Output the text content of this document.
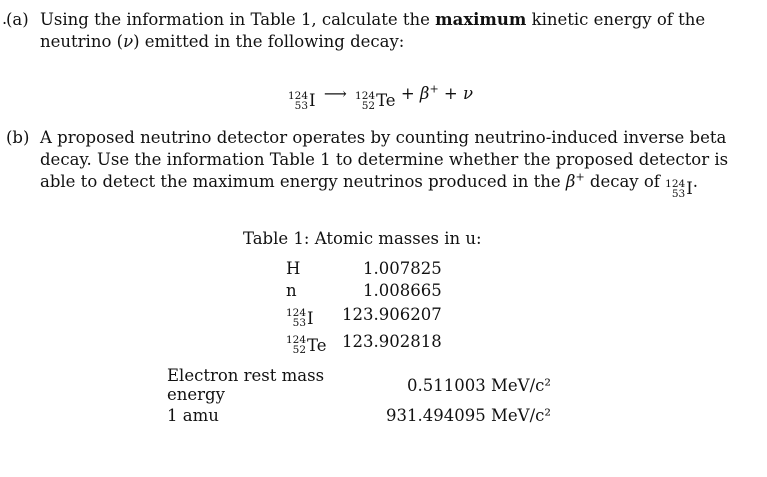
.
(a) Using the information in Table 1, calculate the maximum kinetic energy of the neutrino (ν) emitted in the following decay:
124
53 I ⟶ 124
52 Te + β+ + ν
(b) A proposed neutrino detector operates by counting neutrino-induced inverse beta decay. Use the information Table 1 to determine whether the proposed detector is able to detect the maximum energy neutrinos produced in the β+ decay of 124
53 I .
Table 1: Atomic masses in u:
H	1.007825
n	1.008665

124
53 I	123.906207

124
52 Te	123.902818
Electron rest mass energy	0.511003 MeV/c²
1 amu	931.494095 MeV/c²
